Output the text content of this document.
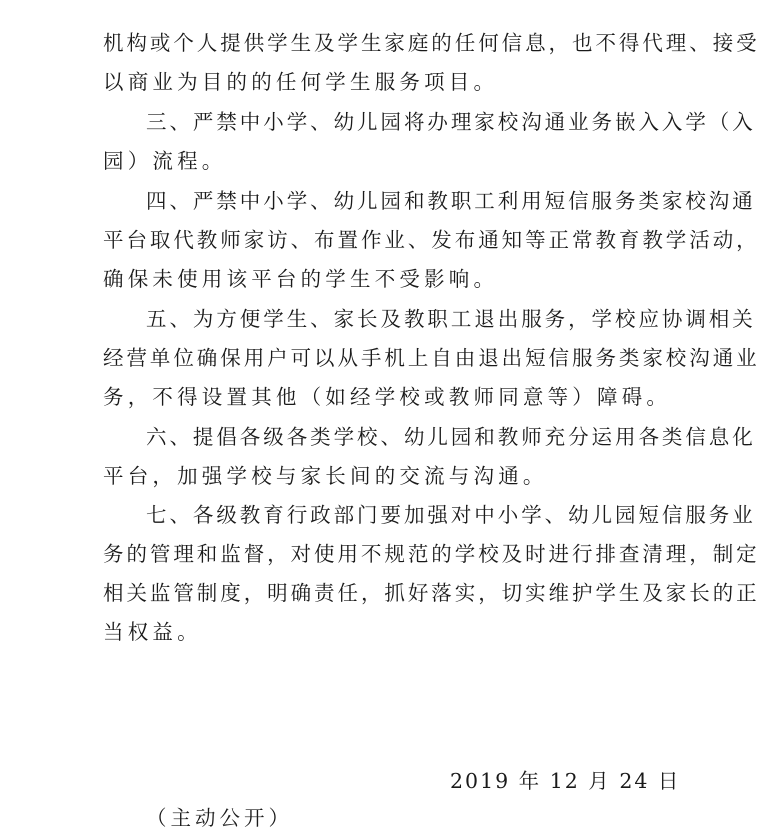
机构或个人提供学生及学生家庭的任何信息，也不得代理、接受
以商业为目的的任何学生服务项目。
三、严禁中小学、幼儿园将办理家校沟通业务嵌入入学（入
园）流程。
四、严禁中小学、幼儿园和教职工利用短信服务类家校沟通
平台取代教师家访、布置作业、发布通知等正常教育教学活动，
确保未使用该平台的学生不受影响。
五、为方便学生、家长及教职工退出服务，学校应协调相关
经营单位确保用户可以从手机上自由退出短信服务类家校沟通业
务，不得设置其他（如经学校或教师同意等）障碍。
六、提倡各级各类学校、幼儿园和教师充分运用各类信息化
平台，加强学校与家长间的交流与沟通。
七、各级教育行政部门要加强对中小学、幼儿园短信服务业
务的管理和监督，对使用不规范的学校及时进行排查清理，制定
相关监管制度，明确责任，抓好落实，切实维护学生及家长的正
当权益。
2019 年 12 月 24 日
（主动公开）
